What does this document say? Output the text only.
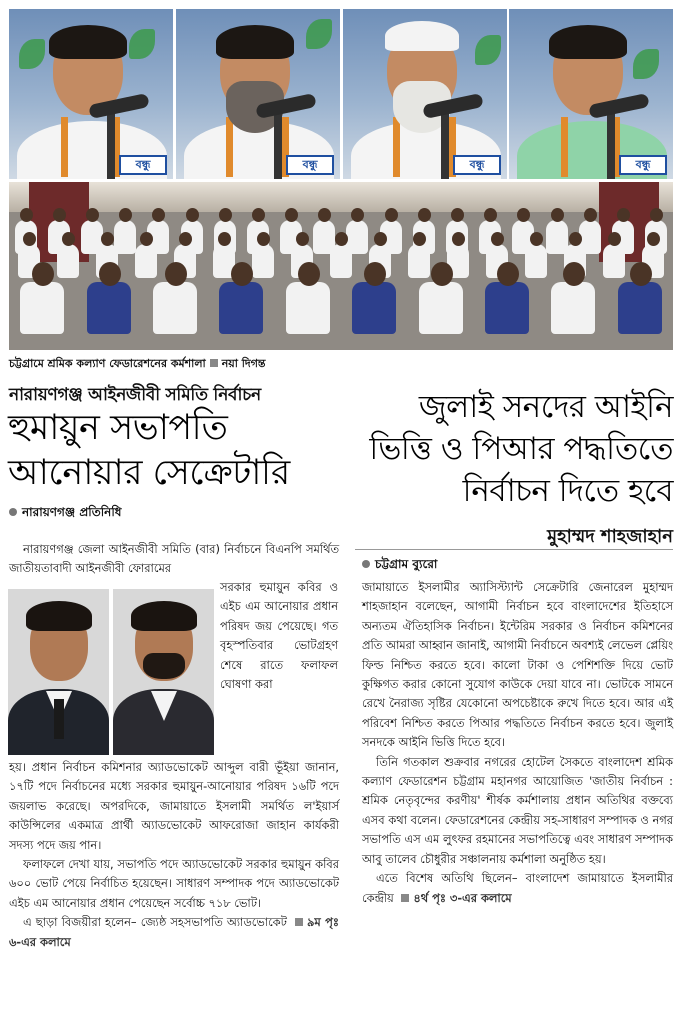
বন্ধু	বন্ধু	বন্ধু	বন্ধু
চট্টগ্রামে শ্রমিক কল্যাণ ফেডারেশনের কর্মশালা নয়া দিগন্ত
নারায়ণগঞ্জ আইনজীবী সমিতি নির্বাচন
হুমায়ুন সভাপতি
আনোয়ার সেক্রেটারি
নারায়ণগঞ্জ প্রতিনিধি

নারায়ণগঞ্জ জেলা আইনজীবী সমিতি (বার) নির্বাচনে বিএনপি সমর্থিত জাতীয়তাবাদী আইনজীবী ফোরামের

সরকার হুমায়ুন কবির ও এইচ এম আনোয়ার প্রধান পরিষদ জয় পেয়েছে। গত বৃহস্পতিবার ভোটগ্রহণ শেষে রাতে ফলাফল ঘোষণা করা

হয়। প্রধান নির্বাচন কমিশনার অ্যাডভোকেট আব্দুল বারী ভূঁইয়া জানান, ১৭টি পদে নির্বাচনের মধ্যে সরকার হুমায়ুন-আনোয়ার পরিষদ ১৬টি পদে জয়লাভ করেছে। অপরদিকে, জামায়াতে ইসলামী সমর্থিত ল'ইয়ার্স কাউন্সিলের একমাত্র প্রার্থী অ্যাডভোকেট আফরোজা জাহান কার্যকরী সদস্য পদে জয় পান।

ফলাফলে দেখা যায়, সভাপতি পদে অ্যাডভোকেট সরকার হুমায়ুন কবির ৬০০ ভোট পেয়ে নির্বাচিত হয়েছেন। সাধারণ সম্পাদক পদে অ্যাডভোকেট এইচ এম আনোয়ার প্রধান পেয়েছেন সর্বোচ্চ ৭১৮ ভোট।

এ ছাড়া বিজয়ীরা হলেন– জ্যেষ্ঠ সহসভাপতি অ্যাডভোকেট ৯ম পৃঃ ৬-এর কলামে

জুলাই সনদের আইনি
ভিত্তি ও পিআর পদ্ধতিতে
নির্বাচন দিতে হবে
মুহাম্মদ শাহজাহান
চট্টগ্রাম ব্যুরো

জামায়াতে ইসলামীর অ্যাসিস্ট্যান্ট সেক্রেটারি জেনারেল মুহাম্মদ শাহজাহান বলেছেন, আগামী নির্বাচন হবে বাংলাদেশের ইতিহাসে অন্যতম ঐতিহাসিক নির্বাচন। ইন্টেরিম সরকার ও নির্বাচন কমিশনের প্রতি আমরা আহ্বান জানাই, আগামী নির্বাচনে অবশ্যই লেভেল প্লেয়িং ফিল্ড নিশ্চিত করতে হবে। কালো টাকা ও পেশিশক্তি দিয়ে ভোট কুক্ষিগত করার কোনো সুযোগ কাউকে দেয়া যাবে না। ভোটকে সামনে রেখে নৈরাজ্য সৃষ্টির যেকোনো অপচেষ্টাকে রুখে দিতে হবে। আর এই পরিবেশ নিশ্চিত করতে পিআর পদ্ধতিতে নির্বাচন করতে হবে। জুলাই সনদকে আইনি ভিত্তি দিতে হবে।

তিনি গতকাল শুক্রবার নগরের হোটেল সৈকতে বাংলাদেশ শ্রমিক কল্যাণ ফেডারেশন চট্টগ্রাম মহানগর আয়োজিত 'জাতীয় নির্বাচন : শ্রমিক নেতৃবৃন্দের করণীয়' শীর্ষক কর্মশালায় প্রধান অতিথির বক্তব্যে এসব কথা বলেন। ফেডারেশনের কেন্দ্রীয় সহ-সাধারণ সম্পাদক ও নগর সভাপতি এস এম লুৎফর রহমানের সভাপতিত্বে এবং সাধারণ সম্পাদক আবু তালেব চৌধুরীর সঞ্চালনায় কর্মশালা অনুষ্ঠিত হয়।

এতে বিশেষ অতিথি ছিলেন– বাংলাদেশ জামায়াতে ইসলামীর কেন্দ্রীয় ৪র্থ পৃঃ ৩-এর কলামে
